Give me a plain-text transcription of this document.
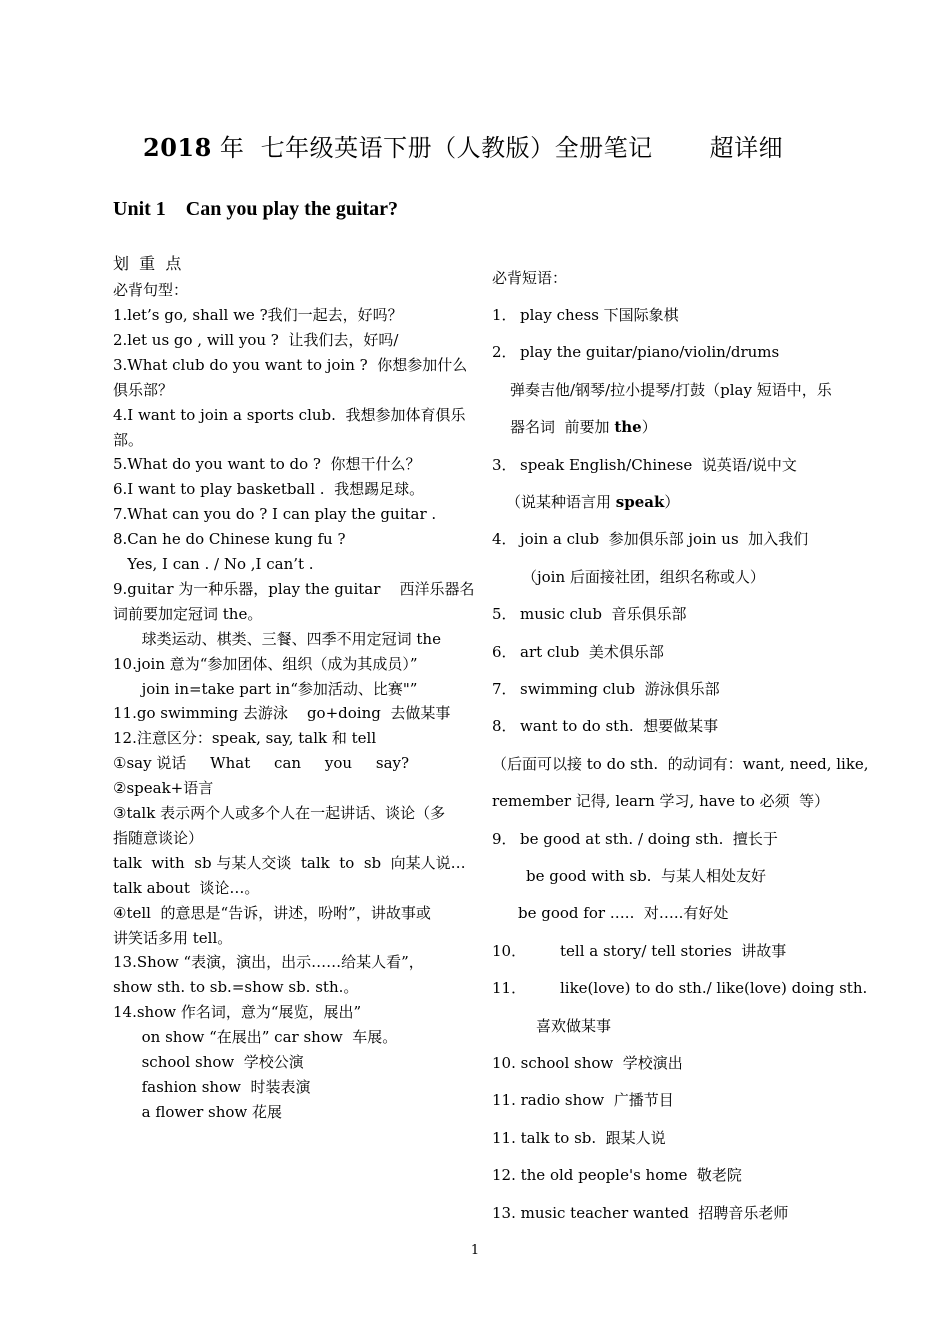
2018 年  七年级英语下册（人教版）全册笔记       超详细
Unit 1    Can you play the guitar?
划  重  点
必背句型：
1.let’s go, shall we ?我们一起去，好吗？
2.let us go , will you ?  让我们去，好吗/
3.What club do you want to join ?  你想参加什么
俱乐部？
4.I want to join a sports club.  我想参加体育俱乐
部。
5.What do you want to do ?  你想干什么？
6.I want to play basketball .  我想踢足球。
7.What can you do ? I can play the guitar .
8.Can he do Chinese kung fu ?
Yes, I can . / No ,I can’t .
9.guitar 为一种乐器，play the guitar    西洋乐器名
词前要加定冠词 the。
球类运动、棋类、三餐、四季不用定冠词 the
10.join 意为“参加团体、组织（成为其成员）”
join in=take part in“参加活动、比赛"”
11.go swimming 去游泳    go+doing  去做某事
12.注意区分：speak, say, talk 和 tell
①say 说话     What     can     you     say?
②speak+语言
③talk 表示两个人或多个人在一起讲话、谈论（多
指随意谈论）
talk  with  sb 与某人交谈  talk  to  sb  向某人说…
talk about  谈论…。
④tell  的意思是“告诉，讲述，吩咐”，讲故事或
讲笑话多用 tell。
13.Show “表演，演出，出示……给某人看”，
show sth. to sb.=show sb. sth.。
14.show 作名词，意为“展览，展出”
on show “在展出” car show  车展。
school show  学校公演
fashion show  时装表演
a flower show 花展
必背短语：
1． play chess 下国际象棋
2． play the guitar/piano/violin/drums
弹奏吉他/钢琴/拉小提琴/打鼓（play 短语中，乐
器名词  前要加 the）
3． speak English/Chinese  说英语/说中文
（说某种语言用 speak）
4． join a club  参加俱乐部 join us  加入我们
（join 后面接社团，组织名称或人）
5． music club  音乐俱乐部
6． art club  美术俱乐部
7． swimming club  游泳俱乐部
8． want to do sth.  想要做某事
（后面可以接 to do sth.  的动词有：want, need, like,
remember 记得, learn 学习, have to 必须  等）
9． be good at sth. / doing sth.  擅长于
be good with sb.  与某人相处友好
be good for …..  对…..有好处
10． tell a story/ tell stories  讲故事
11． like(love) to do sth./ like(love) doing sth.
喜欢做某事
10. school show  学校演出
11. radio show  广播节目
11. talk to sb.  跟某人说
12. the old people's home  敬老院
13. music teacher wanted  招聘音乐老师
1
